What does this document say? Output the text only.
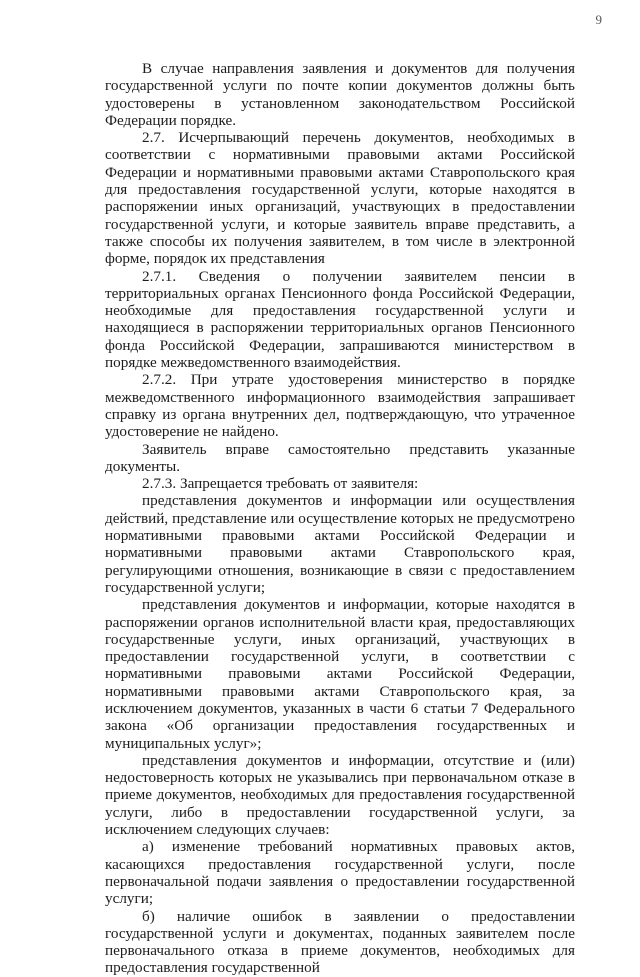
9

В случае направления заявления и документов для получения государственной услуги по почте копии документов должны быть удостоверены в установленном законодательством Российской Федерации порядке.

2.7. Исчерпывающий перечень документов, необходимых в соответствии с нормативными правовыми актами Российской Федерации и нормативными правовыми актами Ставропольского края для предоставления государственной услуги, которые находятся в распоряжении иных организаций, участвующих в предоставлении государственной услуги, и которые заявитель вправе представить, а также способы их получения заявителем, в том числе в электронной форме, порядок их представления

2.7.1. Сведения о получении заявителем пенсии в территориальных органах Пенсионного фонда Российской Федерации, необходимые для предоставления государственной услуги и находящиеся в распоряжении территориальных органов Пенсионного фонда Российской Федерации, запрашиваются министерством в порядке межведомственного взаимодействия.

2.7.2. При утрате удостоверения министерство в порядке межведомственного информационного взаимодействия запрашивает справку из органа внутренних дел, подтверждающую, что утраченное удостоверение не найдено.

Заявитель вправе самостоятельно представить указанные документы.

2.7.3. Запрещается требовать от заявителя:

представления документов и информации или осуществления действий, представление или осуществление которых не предусмотрено нормативными правовыми актами Российской Федерации и нормативными правовыми актами Ставропольского края, регулирующими отношения, возникающие в связи с предоставлением государственной услуги;

представления документов и информации, которые находятся в распоряжении органов исполнительной власти края, предоставляющих государственные услуги, иных организаций, участвующих в предоставлении государственной услуги, в соответствии с нормативными правовыми актами Российской Федерации, нормативными правовыми актами Ставропольского края, за исключением документов, указанных в части 6 статьи 7 Федерального закона «Об организации предоставления государственных и муниципальных услуг»;

представления документов и информации, отсутствие и (или) недостоверность которых не указывались при первоначальном отказе в приеме документов, необходимых для предоставления государственной услуги, либо в предоставлении государственной услуги, за исключением следующих случаев:

а) изменение требований нормативных правовых актов, касающихся предоставления государственной услуги, после первоначальной подачи заявления о предоставлении государственной услуги;

б) наличие ошибок в заявлении о предоставлении государственной услуги и документах, поданных заявителем после первоначального отказа в приеме документов, необходимых для предоставления государственной
